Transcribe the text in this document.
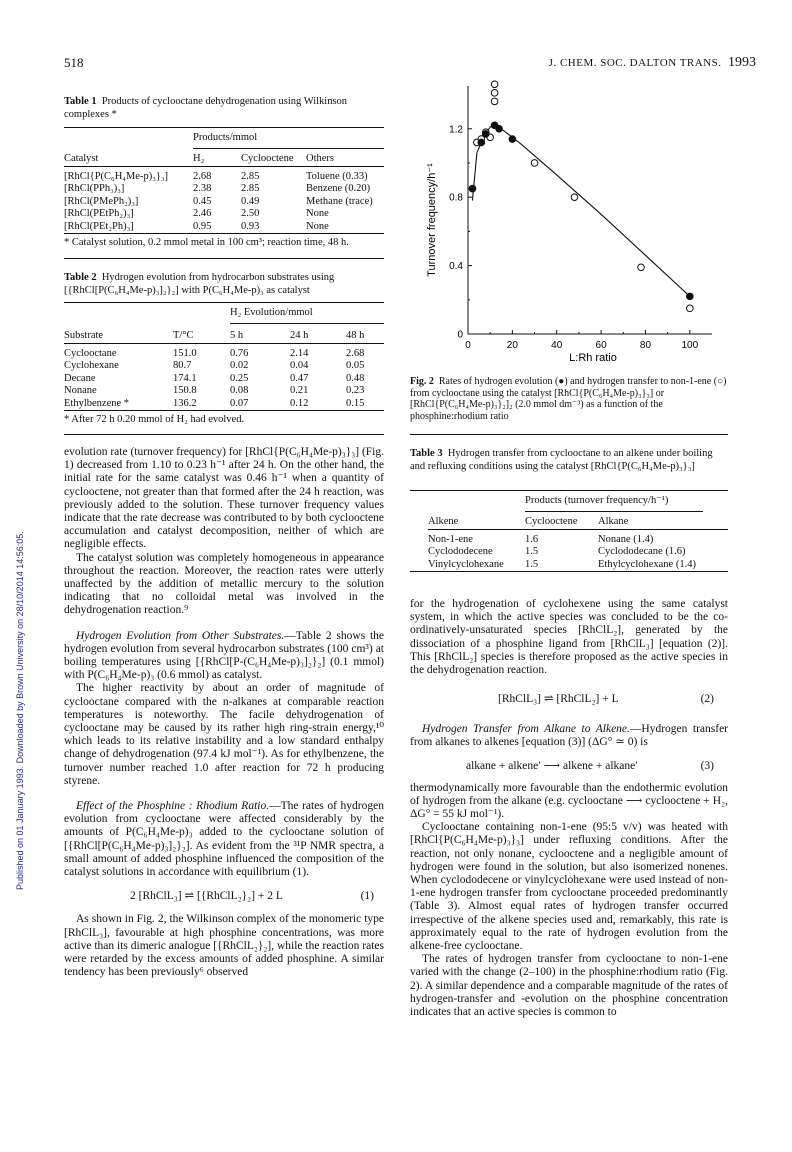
Published on 01 January 1993. Downloaded by Brown University on 28/10/2014 14:56:05.
518	J. CHEM. SOC. DALTON TRANS. 1993
Table 1 Products of cyclooctane dehydrogenation using Wilkinson complexes *
Products/mmol
Catalyst	H₂	Cyclooctene	Others

[RhCl{P(C₆H₄Me-p)₃}₃]	2.68	2.85	Toluene (0.33)
[RhCl(PPh₃)₃]	2.38	2.85	Benzene (0.20)
[RhCl(PMePh₂)₃]	0.45	0.49	Methane (trace)
[RhCl(PEtPh₂)₃]	2.46	2.50	None
[RhCl(PEt₂Ph)₃]	0.95	0.93	None
* Catalyst solution, 0.2 mmol metal in 100 cm³; reaction time, 48 h.
Table 2 Hydrogen evolution from hydrocarbon substrates using [{RhCl[P(C₆H₄Me-p)₃]₂}₂] with P(C₆H₄Me-p)₃ as catalyst
H₂ Evolution/mmol
Substrate	T/°C	5 h	24 h	48 h

Cyclooctane	151.0	0.76	2.14	2.68
Cyclohexane	80.7	0.02	0.04	0.05
Decane	174.1	0.25	0.47	0.48
Nonane	150.8	0.08	0.21	0.23
Ethylbenzene *	136.2	0.07	0.12	0.15
* After 72 h 0.20 mmol of H₂ had evolved.

evolution rate (turnover frequency) for [RhCl{P(C₆H₄Me-p)₃}₃] (Fig. 1) decreased from 1.10 to 0.23 h⁻¹ after 24 h. On the other hand, the initial rate for the same catalyst was 0.46 h⁻¹ when a quantity of cyclooctene, not greater than that formed after the 24 h reaction, was previously added to the solution. These turnover frequency values indicate that the rate decrease was contributed to by both cyclooctene accumulation and catalyst decomposition, neither of which are negligible effects.

The catalyst solution was completely homogeneous in appearance throughout the reaction. Moreover, the reaction rates were utterly unaffected by the addition of metallic mercury to the solution indicating that no colloidal metal was involved in the dehydrogenation reaction.⁹

Hydrogen Evolution from Other Substrates.—Table 2 shows the hydrogen evolution from several hydrocarbon substrates (100 cm³) at boiling temperatures using [{RhCl[P-(C₆H₄Me-p)₃]₂}₂] (0.1 mmol) with P(C₆H₄Me-p)₃ (0.6 mmol) as catalyst.

The higher reactivity by about an order of magnitude of cyclooctane compared with the n-alkanes at comparable reaction temperatures is noteworthy. The facile dehydrogenation of cyclooctane may be caused by its rather high ring-strain energy,¹⁰ which leads to its relative instability and a low standard enthalpy change of dehydrogenation (97.4 kJ mol⁻¹). As for ethylbenzene, the turnover number reached 1.0 after reaction for 72 h producing styrene.

Effect of the Phosphine : Rhodium Ratio.—The rates of hydrogen evolution from cyclooctane were affected considerably by the amounts of P(C₆H₄Me-p)₃ added to the cyclooctane solution of [{RhCl[P(C₆H₄Me-p)₃]₂}₂]. As evident from the ³¹P NMR spectra, a small amount of added phosphine influenced the composition of the catalyst solutions in accordance with equilibrium (1).

2 [RhClL₃] ⇌ [{RhClL₂}₂] + 2 L	(1)

As shown in Fig. 2, the Wilkinson complex of the monomeric type [RhClL₃], favourable at high phosphine concentrations, was more active than its dimeric analogue [{RhClL₂}₂], while the reaction rates were retarded by the excess amounts of added phosphine. A similar tendency has been previously⁶ observed

0	20	40	60	80	100
0
0.4
0.8
1.2
Turnover frequency/h⁻¹
L:Rh ratio
Fig. 2 Rates of hydrogen evolution (●) and hydrogen transfer to non-1-ene (○) from cyclooctane using the catalyst [RhCl{P(C₆H₄Me-p)₃}₃] or [RhCl{P(C₆H₄Me-p)₃}₂]₂ (2.0 mmol dm⁻³) as a function of the phosphine:rhodium ratio
Table 3 Hydrogen transfer from cyclooctane to an alkene under boiling and refluxing conditions using the catalyst [RhCl{P(C₆H₄Me-p)₃}₃]
Products (turnover frequency/h⁻¹)
Alkene	Cyclooctene	Alkane

Non-1-ene	1.6	Nonane (1.4)
Cyclododecene	1.5	Cyclododecane (1.6)
Vinylcyclohexane	1.5	Ethylcyclohexane (1.4)

for the hydrogenation of cyclohexene using the same catalyst system, in which the active species was concluded to be the co-ordinatively-unsaturated species [RhClL₂], generated by the dissociation of a phosphine ligand from [RhClL₃] [equation (2)]. This [RhClL₂] species is therefore proposed as the active species in the dehydrogenation reaction.

[RhClL₃] ⇌ [RhClL₂] + L	(2)

Hydrogen Transfer from Alkane to Alkene.—Hydrogen transfer from alkanes to alkenes [equation (3)] (ΔG° ≃ 0) is

alkane + alkene′ ⟶ alkene + alkane′	(3)

thermodynamically more favourable than the endothermic evolution of hydrogen from the alkane (e.g. cyclooctane ⟶ cyclooctene + H₂, ΔG° = 55 kJ mol⁻¹).

Cyclooctane containing non-1-ene (95:5 v/v) was heated with [RhCl{P(C₆H₄Me-p)₃}₃] under refluxing conditions. After the reaction, not only nonane, cyclooctene and a negligible amount of hydrogen were found in the solution, but also isomerized nonenes. When cyclododecene or vinylcyclohexane were used instead of non-1-ene hydrogen transfer from cyclooctane proceeded predominantly (Table 3). Almost equal rates of hydrogen transfer occurred irrespective of the alkene species used and, remarkably, this rate is approximately equal to the rate of hydrogen evolution from the alkene-free cyclooctane.

The rates of hydrogen transfer from cyclooctane to non-1-ene varied with the change (2–100) in the phosphine:rhodium ratio (Fig. 2). A similar dependence and a comparable magnitude of the rates of hydrogen-transfer and -evolution on the phosphine concentration indicates that an active species is common to
